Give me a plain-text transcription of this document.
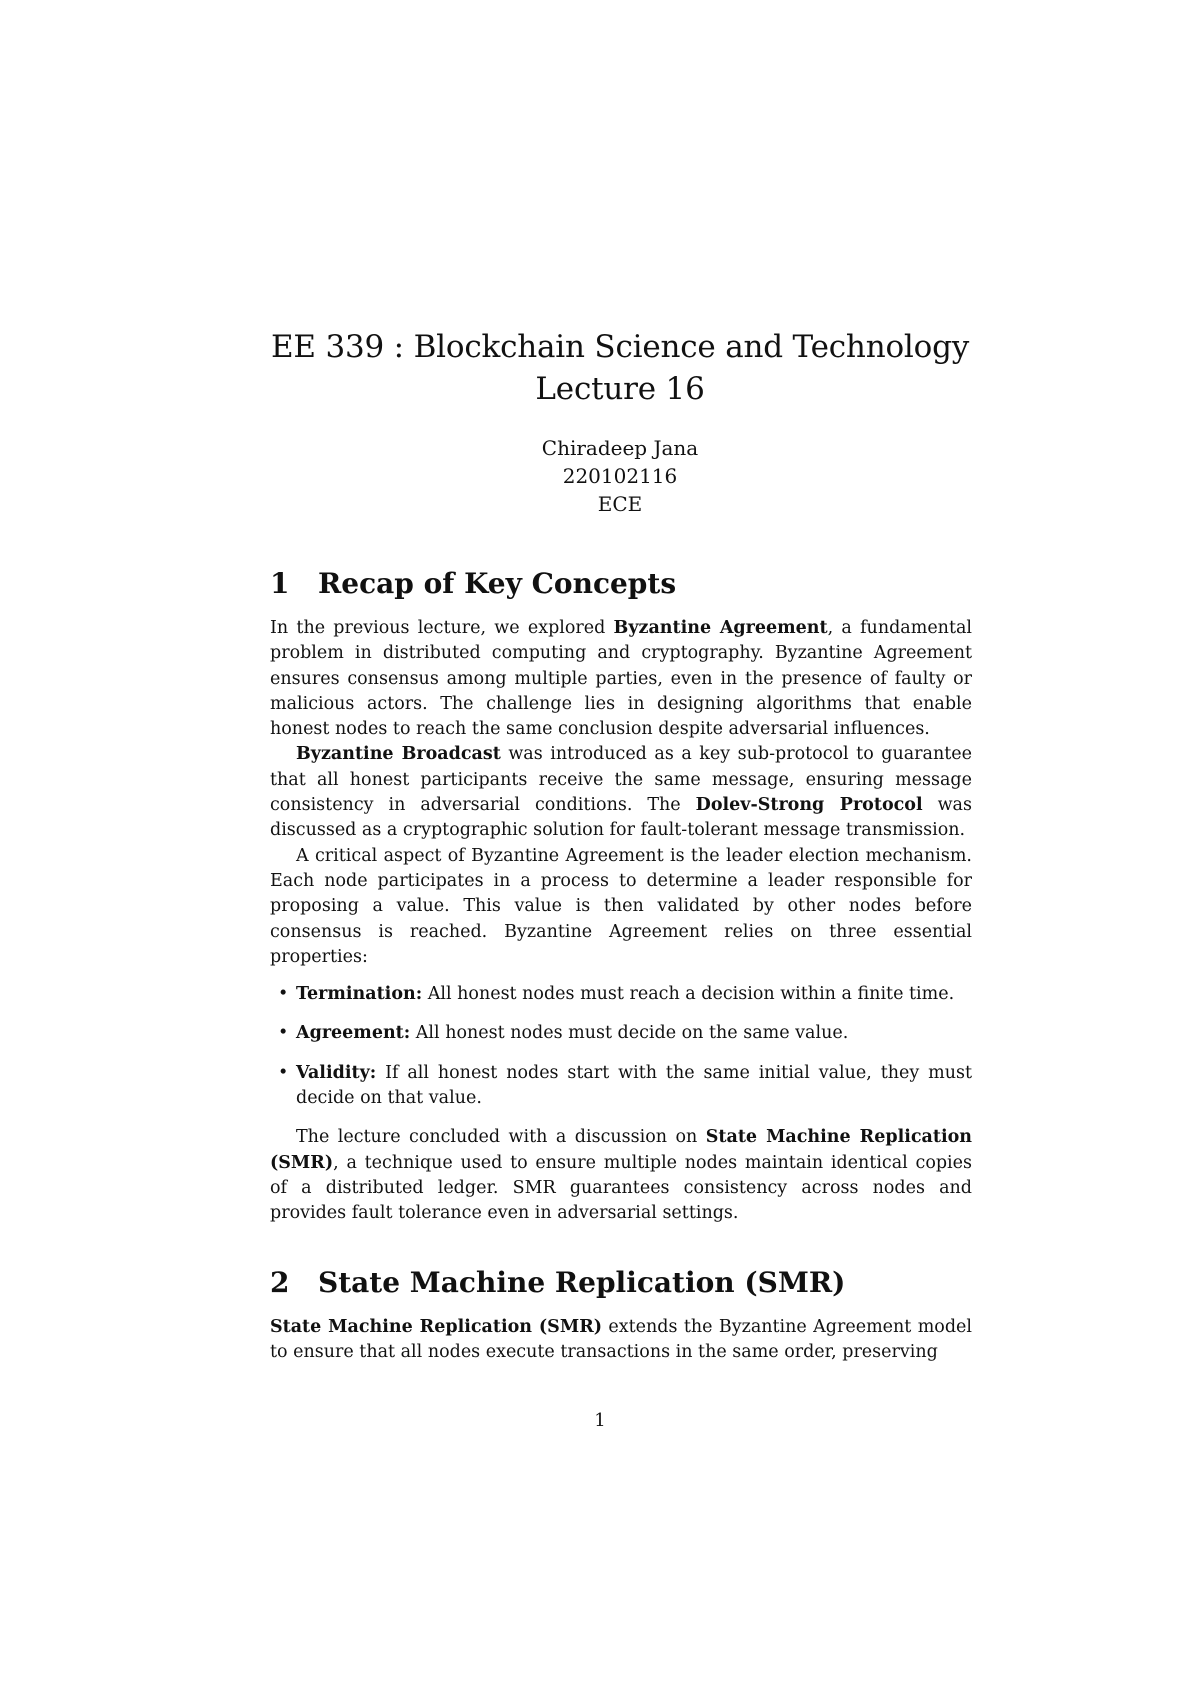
EE 339 : Blockchain Science and Technology
Lecture 16
Chiradeep Jana
220102116
ECE
1 Recap of Key Concepts

In the previous lecture, we explored Byzantine Agreement, a fundamental problem in distributed computing and cryptography. Byzantine Agreement ensures consensus among multiple parties, even in the presence of faulty or malicious actors. The challenge lies in designing algorithms that enable honest nodes to reach the same conclusion despite adversarial influences.

Byzantine Broadcast was introduced as a key sub-protocol to guarantee that all honest participants receive the same message, ensuring message consistency in adversarial conditions. The Dolev-Strong Protocol was discussed as a cryptographic solution for fault-tolerant message transmission.

A critical aspect of Byzantine Agreement is the leader election mechanism. Each node participates in a process to determine a leader responsible for proposing a value. This value is then validated by other nodes before consensus is reached. Byzantine Agreement relies on three essential properties:

• Termination: All honest nodes must reach a decision within a finite time.
• Agreement: All honest nodes must decide on the same value.
• Validity: If all honest nodes start with the same initial value, they must decide on that value.

The lecture concluded with a discussion on State Machine Replication (SMR), a technique used to ensure multiple nodes maintain identical copies of a distributed ledger. SMR guarantees consistency across nodes and provides fault tolerance even in adversarial settings.

2 State Machine Replication (SMR)

State Machine Replication (SMR) extends the Byzantine Agreement model to ensure that all nodes execute transactions in the same order, preserving

1
